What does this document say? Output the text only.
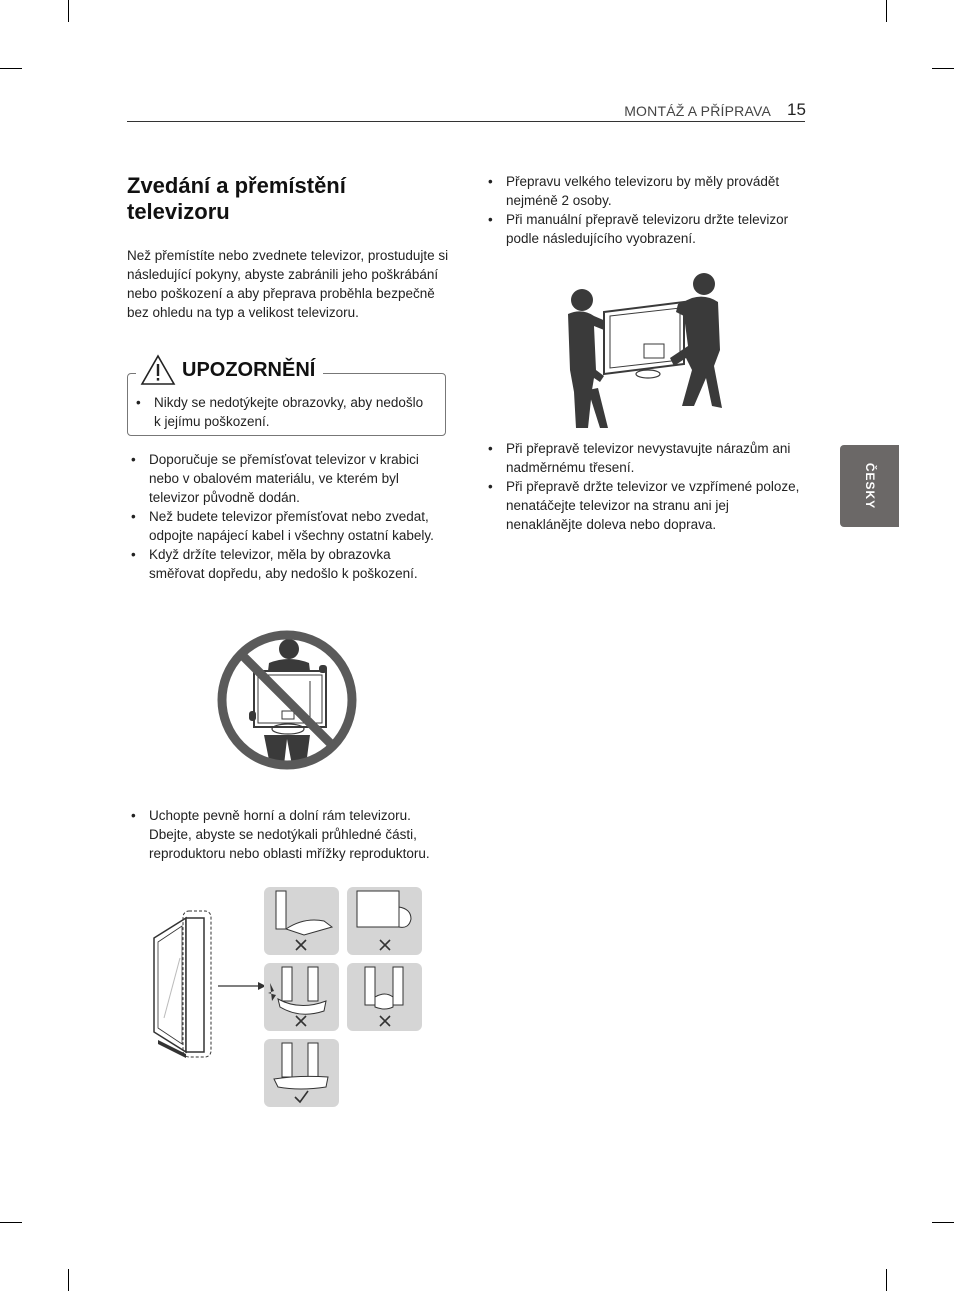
MONTÁŽ A PŘÍPRAVA 15
ČESKY
Zvedání a přemístění televizoru

Než přemístíte nebo zvednete televizor, prostudujte si následující pokyny, abyste zabránili jeho poškrábání nebo poškození a aby přeprava proběhla bezpečně bez ohledu na typ a velikost televizoru.

UPOZORNĚNÍ
• Nikdy se nedotýkejte obrazovky, aby nedošlo k jejímu poškození.
• Doporučuje se přemísťovat televizor v krabici nebo v obalovém materiálu, ve kterém byl televizor původně dodán.
• Než budete televizor přemísťovat nebo zvedat, odpojte napájecí kabel i všechny ostatní kabely.
• Když držíte televizor, měla by obrazovka směřovat dopředu, aby nedošlo k poškození.
• Uchopte pevně horní a dolní rám televizoru. Dbejte, abyste se nedotýkali průhledné části, reproduktoru nebo oblasti mřížky reproduktoru.
• Přepravu velkého televizoru by měly provádět nejméně 2 osoby.
• Při manuální přepravě televizoru držte televizor podle následujícího vyobrazení.
• Při přepravě televizor nevystavujte nárazům ani nadměrnému třesení.
• Při přepravě držte televizor ve vzpřímené poloze, nenatáčejte televizor na stranu ani jej nenaklánějte doleva nebo doprava.
